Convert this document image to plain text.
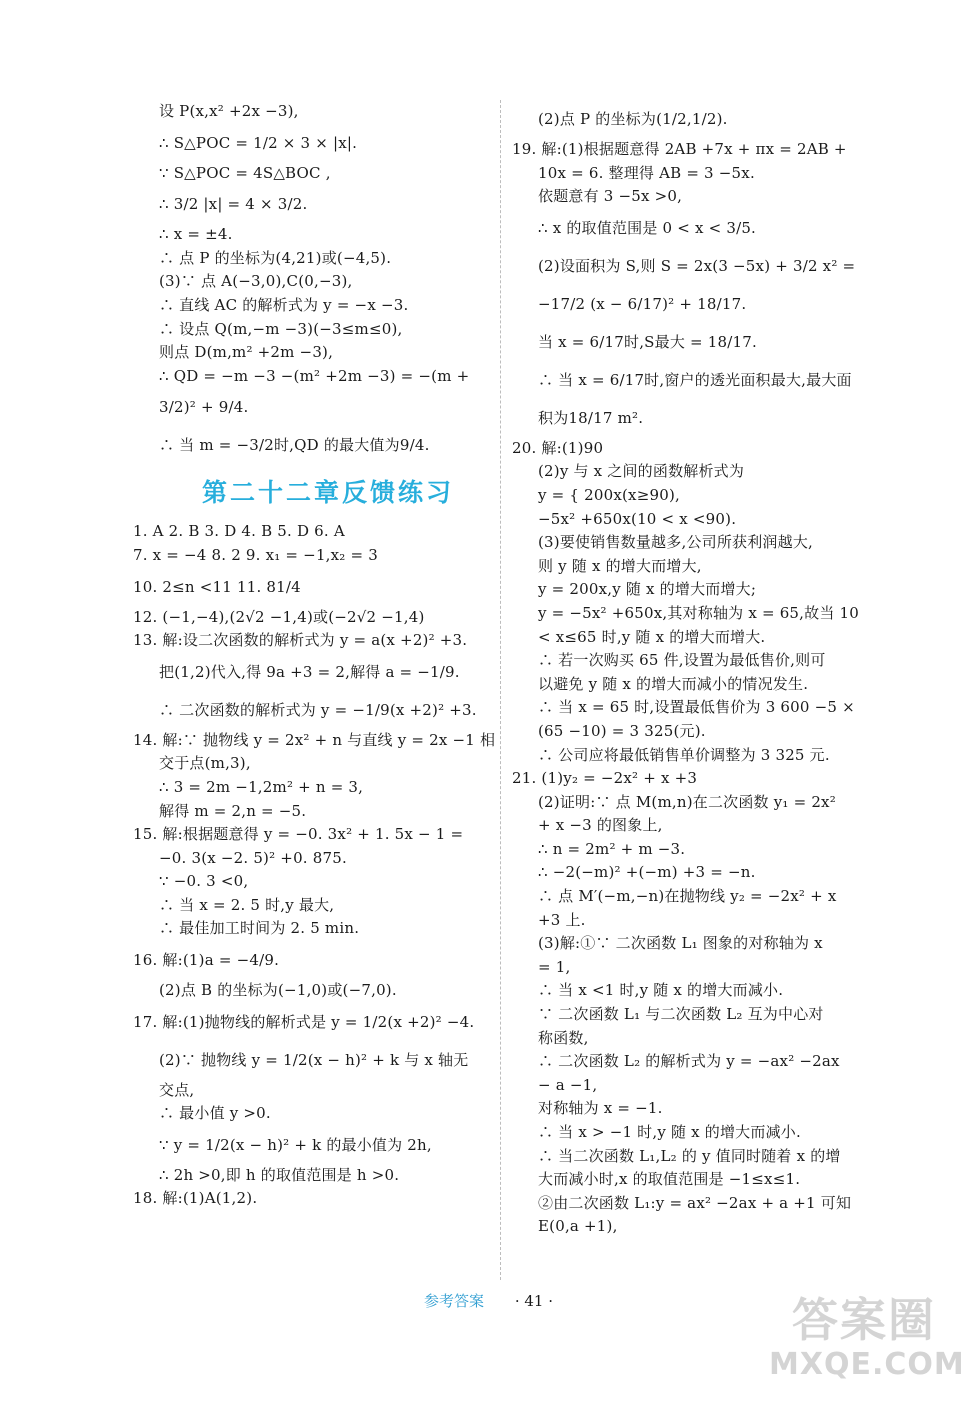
设 P(x,x² +2x −3),
∴ S△POC = 1/2 × 3 × |x|.
∵ S△POC = 4S△BOC ,
∴ 3/2 |x| = 4 × 3/2.
∴ x = ±4.
∴ 点 P 的坐标为(4,21)或(−4,5).
(3)∵ 点 A(−3,0),C(0,−3),
∴ 直线 AC 的解析式为 y = −x −3.
∴ 设点 Q(m,−m −3)(−3≤m≤0),
则点 D(m,m² +2m −3),
∴ QD = −m −3 −(m² +2m −3) = −(m +
3/2)² + 9/4.
∴ 当 m = −3/2时,QD 的最大值为9/4.
第二十二章反馈练习
1. A 2. B 3. D 4. B 5. D 6. A
7. x = −4 8. 2 9. x₁ = −1,x₂ = 3
10. 2≤n <11 11. 81/4
12. (−1,−4),(2√2 −1,4)或(−2√2 −1,4)
13. 解:设二次函数的解析式为 y = a(x +2)² +3.
把(1,2)代入,得 9a +3 = 2,解得 a = −1/9.
∴ 二次函数的解析式为 y = −1/9(x +2)² +3.
14. 解:∵ 抛物线 y = 2x² + n 与直线 y = 2x −1 相
交于点(m,3),
∴ 3 = 2m −1,2m² + n = 3,
解得 m = 2,n = −5.
15. 解:根据题意得 y = −0. 3x² + 1. 5x − 1 =
−0. 3(x −2. 5)² +0. 875.
∵ −0. 3 <0,
∴ 当 x = 2. 5 时,y 最大,
∴ 最佳加工时间为 2. 5 min.
16. 解:(1)a = −4/9.
(2)点 B 的坐标为(−1,0)或(−7,0).
17. 解:(1)抛物线的解析式是 y = 1/2(x +2)² −4.
(2)∵ 抛物线 y = 1/2(x − h)² + k 与 x 轴无
交点,
∴ 最小值 y >0.
∵ y = 1/2(x − h)² + k 的最小值为 2h,
∴ 2h >0,即 h 的取值范围是 h >0.
18. 解:(1)A(1,2).
(2)点 P 的坐标为(1/2,1/2).
19. 解:(1)根据题意得 2AB +7x + πx = 2AB +
10x = 6. 整理得 AB = 3 −5x.
依题意有 3 −5x >0,
∴ x 的取值范围是 0 < x < 3/5.
(2)设面积为 S,则 S = 2x(3 −5x) + 3/2 x² =
−17/2 (x − 6/17)² + 18/17.
当 x = 6/17时,S最大 = 18/17.
∴ 当 x = 6/17时,窗户的透光面积最大,最大面
积为18/17 m².
20. 解:(1)90
(2)y 与 x 之间的函数解析式为
y = { 200x(x≥90),
−5x² +650x(10 < x <90).
(3)要使销售数量越多,公司所获利润越大,
则 y 随 x 的增大而增大,
y = 200x,y 随 x 的增大而增大;
y = −5x² +650x,其对称轴为 x = 65,故当 10
< x≤65 时,y 随 x 的增大而增大.
∴ 若一次购买 65 件,设置为最低售价,则可
以避免 y 随 x 的增大而减小的情况发生.
∴ 当 x = 65 时,设置最低售价为 3 600 −5 ×
(65 −10) = 3 325(元).
∴ 公司应将最低销售单价调整为 3 325 元.
21. (1)y₂ = −2x² + x +3
(2)证明:∵ 点 M(m,n)在二次函数 y₁ = 2x²
+ x −3 的图象上,
∴ n = 2m² + m −3.
∴ −2(−m)² +(−m) +3 = −n.
∴ 点 M′(−m,−n)在抛物线 y₂ = −2x² + x
+3 上.
(3)解:①∵ 二次函数 L₁ 图象的对称轴为 x
= 1,
∴ 当 x <1 时,y 随 x 的增大而减小.
∵ 二次函数 L₁ 与二次函数 L₂ 互为中心对
称函数,
∴ 二次函数 L₂ 的解析式为 y = −ax² −2ax
− a −1,
对称轴为 x = −1.
∴ 当 x > −1 时,y 随 x 的增大而减小.
∴ 当二次函数 L₁,L₂ 的 y 值同时随着 x 的增
大而减小时,x 的取值范围是 −1≤x≤1.
②由二次函数 L₁:y = ax² −2ax + a +1 可知
E(0,a +1),
参考答案 · 41 ·	答案圈
MXQE.COM
